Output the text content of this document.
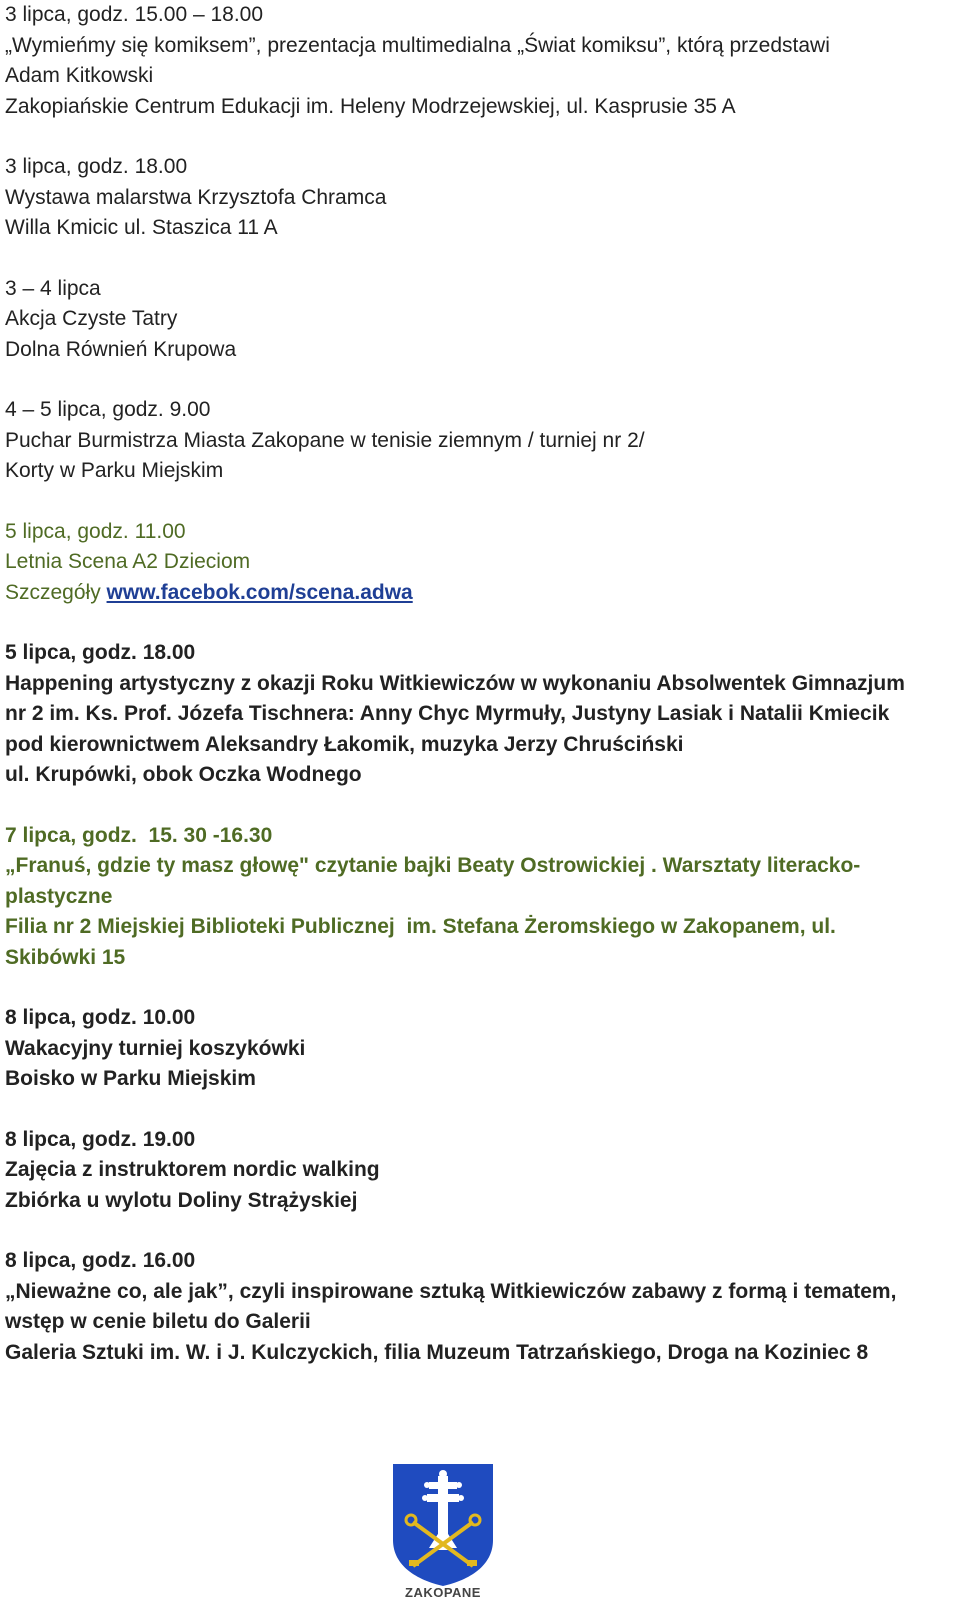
3 lipca, godz. 15.00 – 18.00
„Wymieńmy się komiksem”, prezentacja multimedialna „Świat komiksu”, którą przedstawi
Adam Kitkowski
Zakopiańskie Centrum Edukacji im. Heleny Modrzejewskiej, ul. Kasprusie 35 A
3 lipca, godz. 18.00
Wystawa malarstwa Krzysztofa Chramca
Willa Kmicic ul. Staszica 11 A
3 – 4 lipca
Akcja Czyste Tatry
Dolna Równień Krupowa
4 – 5 lipca, godz. 9.00
Puchar Burmistrza Miasta Zakopane w tenisie ziemnym / turniej nr 2/
Korty w Parku Miejskim
5 lipca, godz. 11.00
Letnia Scena A2 Dzieciom
Szczegóły www.facebok.com/scena.adwa
5 lipca, godz. 18.00
Happening artystyczny z okazji Roku Witkiewiczów w wykonaniu Absolwentek Gimnazjum
nr 2 im. Ks. Prof. Józefa Tischnera: Anny Chyc Myrmuły, Justyny Lasiak i Natalii Kmiecik
pod kierownictwem Aleksandry Łakomik, muzyka Jerzy Chruściński
ul. Krupówki, obok Oczka Wodnego
7 lipca, godz.  15. 30 -16.30
„Franuś, gdzie ty masz głowę" czytanie bajki Beaty Ostrowickiej . Warsztaty literacko-
plastyczne
Filia nr 2 Miejskiej Biblioteki Publicznej  im. Stefana Żeromskiego w Zakopanem, ul.
Skibówki 15
8 lipca, godz. 10.00
Wakacyjny turniej koszykówki
Boisko w Parku Miejskim
8 lipca, godz. 19.00
Zajęcia z instruktorem nordic walking
Zbiórka u wylotu Doliny Strążyskiej
8 lipca, godz. 16.00
„Nieważne co, ale jak”, czyli inspirowane sztuką Witkiewiczów zabawy z formą i tematem,
wstęp w cenie biletu do Galerii
Galeria Sztuki im. W. i J. Kulczyckich, filia Muzeum Tatrzańskiego, Droga na Koziniec 8
ZAKOPANE
